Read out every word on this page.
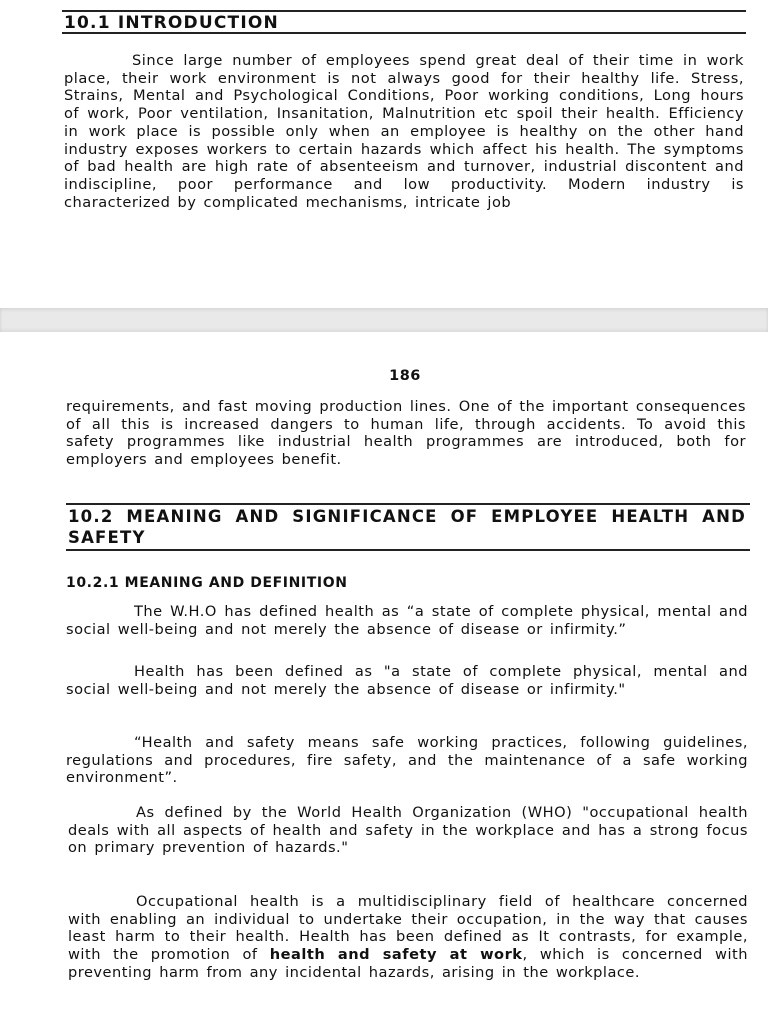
10.1 INTRODUCTION
Since large number of employees spend great deal of their time in work place, their work environment is not always good for their healthy life. Stress, Strains, Mental and Psychological Conditions, Poor working conditions, Long hours of work, Poor ventilation, Insanitation, Malnutrition etc spoil their health. Efficiency in work place is possible only when an employee is healthy on the other hand industry exposes workers to certain hazards which affect his health. The symptoms of bad health are high rate of absenteeism and turnover, industrial discontent and indiscipline, poor performance and low productivity. Modern industry is characterized by complicated mechanisms, intricate job
186
requirements, and fast moving production lines. One of the important consequences of all this is increased dangers to human life, through accidents. To avoid this safety programmes like industrial health programmes are introduced, both for employers and employees benefit.
10.2 MEANING AND SIGNIFICANCE OF EMPLOYEE HEALTH AND SAFETY
10.2.1 MEANING AND DEFINITION
The W.H.O has defined health as “a state of complete physical, mental and social well-being and not merely the absence of disease or infirmity.”
Health has been defined as "a state of complete physical, mental and social well-being and not merely the absence of disease or infirmity."
“Health and safety means safe working practices, following guidelines, regulations and procedures, fire safety, and the maintenance of a safe working environment”.
As defined by the World Health Organization (WHO) "occupational health deals with all aspects of health and safety in the workplace and has a strong focus on primary prevention of hazards."
Occupational health is a multidisciplinary field of healthcare concerned with enabling an individual to undertake their occupation, in the way that causes least harm to their health. Health has been defined as It contrasts, for example, with the promotion of health and safety at work, which is concerned with preventing harm from any incidental hazards, arising in the workplace.
